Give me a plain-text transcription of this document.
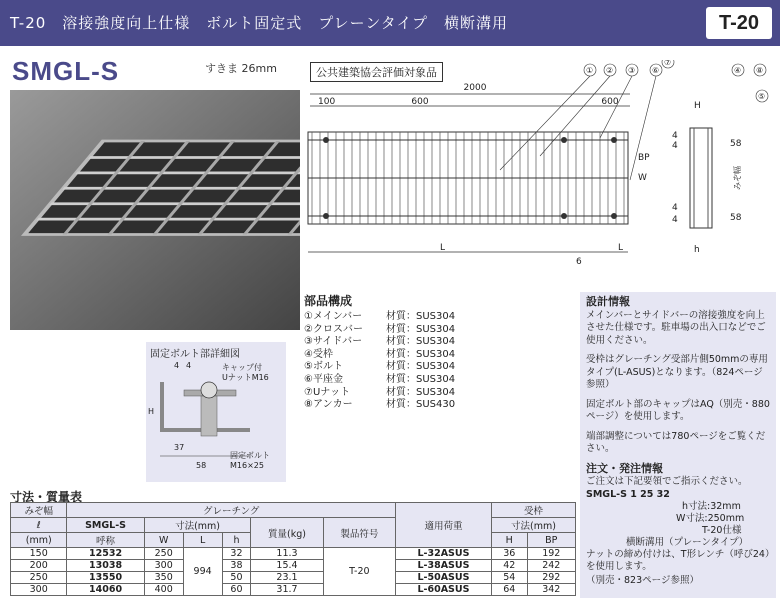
T-20　溶接強度向上仕様　ボルト固定式　プレーンタイプ　横断溝用	T-20
SMGL-S	すきま 26mm	公共建築協会評価対象品
2000
100	600	600
① ② ③ ⑥
⑦
④ ⑧
⑤
L	L
6
W
BP
H
h
58
58
4
4
4
4
みぞ幅
部品構成
①メインバー 材質：SUS304
②クロスバー 材質：SUS304
③サイドバー 材質：SUS304
④受枠	材質：SUS304
⑤ボルト	材質：SUS304
⑥平座金	材質：SUS304
⑦Uナット	材質：SUS304
⑧アンカー	材質：SUS430
固定ボルト部詳細図
4 4	キャップ付
UナットM16
H
37
58
固定ボルト
M16×25
設計情報

メインバーとサイドバーの溶接強度を向上させた仕様です。駐車場の出入口などでご使用ください。

受枠はグレーチング受部片側50mmの専用タイプ(L-ASUS)となります。（824ページ参照）

固定ボルト部のキャップはAQ（別売・880ページ）を使用します。

端部調整については780ページをご覧ください。

注文・発注情報
ご注文は下記要領でご指示ください。
SMGL-S 1 25 32
h寸法:32mm
W寸法:250mm
T-20仕様
横断溝用（プレーンタイプ）
ナットの締め付けは、T形レンチ（呼び24）を使用します。
（別売・823ページ参照）
寸法・質量表
みぞ幅	グレーチング						適用荷重	受枠	
ℓ	SMGL-S	寸法(mm)			質量(kg)	製品符号		寸法(mm)	
(mm)	呼称	W	L	h				H	BP
150	12532	250	994	32	11.3	T-20	L-32ASUS	36	192
200	13038	300		38	15.4		L-38ASUS	42	242
250	13550	350		50	23.1		L-50ASUS	54	292
300	14060	400		60	31.7		L-60ASUS	64	342
